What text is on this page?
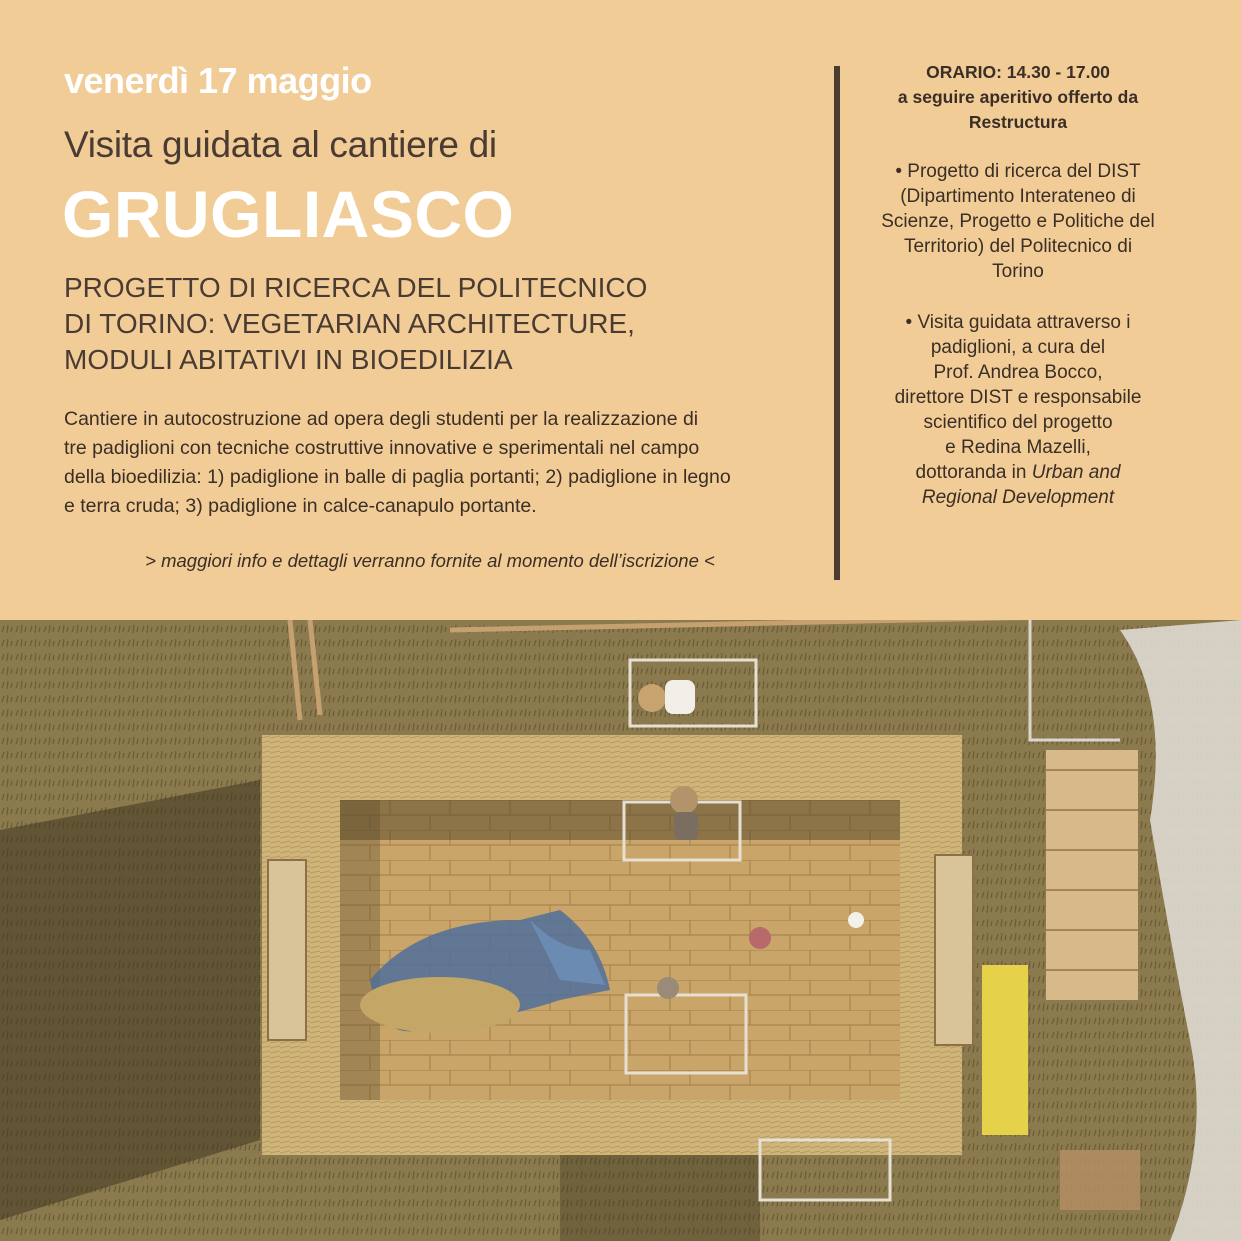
venerdì 17 maggio
Visita guidata al cantiere di
GRUGLIASCO
PROGETTO DI RICERCA DEL POLITECNICO
DI TORINO: VEGETARIAN ARCHITECTURE,
MODULI ABITATIVI IN BIOEDILIZIA
Cantiere in autocostruzione ad opera degli studenti per la realizzazione di
tre padiglioni con tecniche costruttive innovative e sperimentali nel campo
della bioedilizia: 1) padiglione in balle di paglia portanti; 2) padiglione in legno
e terra cruda; 3) padiglione in calce-canapulo portante.
> maggiori info e dettagli verranno fornite al momento dell’iscrizione <
ORARIO: 14.30 - 17.00
a seguire aperitivo offerto da
Restructura
• Progetto di ricerca del DIST
(Dipartimento Interateneo di
Scienze, Progetto e Politiche del
Territorio) del Politecnico di
Torino
• Visita guidata attraverso i
padiglioni, a cura del
Prof. Andrea Bocco,
direttore DIST e responsabile
scientifico del progetto
e Redina Mazelli,
dottoranda in Urban and
Regional Development
